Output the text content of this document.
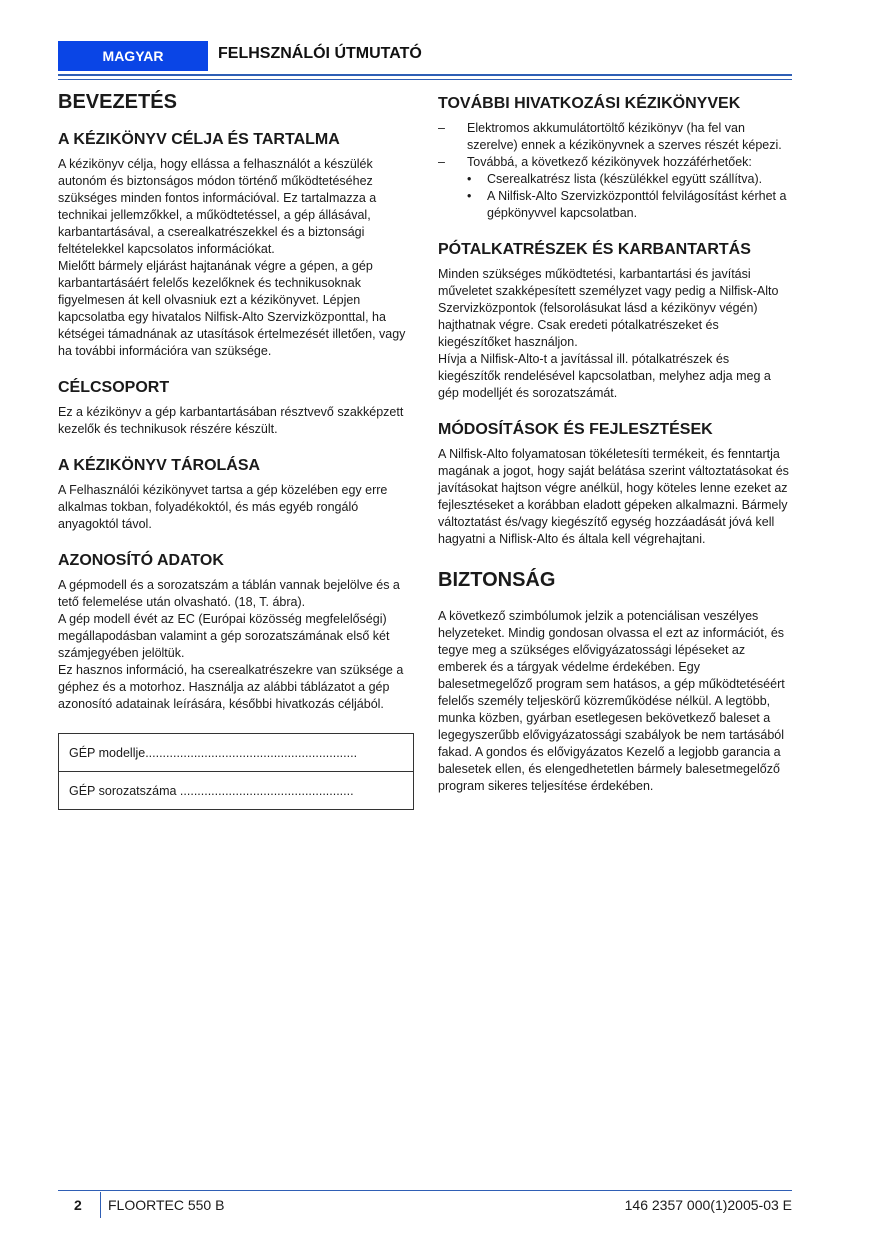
MAGYAR	FELHSZNÁLÓI ÚTMUTATÓ
BEVEZETÉS
A KÉZIKÖNYV CÉLJA ÉS TARTALMA

A kézikönyv célja, hogy ellássa a felhasználót a készülék autonóm és biztonságos módon történő működtetéséhez szükséges minden fontos információval. Ez tartalmazza a technikai jellemzőkkel, a működtetéssel, a gép állásával, karbantartásával, a cserealkatrészekkel és a biztonsági feltételekkel kapcsolatos információkat.

Mielőtt bármely eljárást hajtanának végre a gépen, a gép karbantartásáért felelős kezelőknek és technikusoknak figyelmesen át kell olvasniuk ezt a kézikönyvet. Lépjen kapcsolatba egy hivatalos Nilfisk-Alto Szervizközponttal, ha kétségei támadnának az utasítások értelmezését illetően, vagy ha további információra van szüksége.

CÉLCSOPORT

Ez a kézikönyv a gép karbantartásában résztvevő szakképzett kezelők és technikusok részére készült.

A KÉZIKÖNYV TÁROLÁSA

A Felhasználói kézikönyvet tartsa a gép közelében egy erre alkalmas tokban, folyadékoktól, és más egyéb rongáló anyagoktól távol.

AZONOSÍTÓ ADATOK

A gépmodell és a sorozatszám a táblán vannak bejelölve és a tető felemelése után olvasható. (18, T. ábra).

A gép modell évét az EC (Európai közösség megfelelőségi) megállapodásban valamint a gép sorozatszámának első két számjegyében jelöltük.

Ez hasznos információ, ha cserealkatrészekre van szüksége a géphez és a motorhoz. Használja az alábbi táblázatot a gép azonosító adatainak leírására, későbbi hivatkozás céljából.

GÉP modellje.............................................................
GÉP sorozatszáma ..................................................
TOVÁBBI HIVATKOZÁSI KÉZIKÖNYVEK
– Elektromos akkumulátortöltő kézikönyv (ha fel van szerelve) ennek a kézikönyvnek a szerves részét képezi.
– Továbbá, a következő kézikönyvek hozzáférhetőek:
• Cserealkatrész lista (készülékkel együtt szállítva).
• A Nilfisk-Alto Szervizközponttól felvilágosítást kérhet a gépkönyvvel kapcsolatban.
PÓTALKATRÉSZEK ÉS KARBANTARTÁS

Minden szükséges működtetési, karbantartási és javítási műveletet szakképesített személyzet vagy pedig a Nilfisk-Alto Szervizközpontok (felsorolásukat lásd a kézikönyv végén) hajthatnak végre. Csak eredeti pótalkatrészeket és kiegészítőket használjon.

Hívja a Nilfisk-Alto-t a javítással ill. pótalkatrészek és kiegészítők rendelésével kapcsolatban, melyhez adja meg a gép modelljét és sorozatszámát.

MÓDOSÍTÁSOK ÉS FEJLESZTÉSEK

A Nilfisk-Alto folyamatosan tökéletesíti termékeit, és fenntartja magának a jogot, hogy saját belátása szerint változtatásokat és javításokat hajtson végre anélkül, hogy köteles lenne ezeket az fejlesztéseket a korábban eladott gépeken alkalmazni. Bármely változtatást és/vagy kiegészítő egység hozzáadását jóvá kell hagyatni a Niflisk-Alto és általa kell végrehajtani.

BIZTONSÁG

A következő szimbólumok jelzik a potenciálisan veszélyes helyzeteket. Mindig gondosan olvassa el ezt az információt, és tegye meg a szükséges elővigyázatossági lépéseket az emberek és a tárgyak védelme érdekében. Egy balesetmegelőző program sem hatásos, a gép működtetéséért felelős személy teljeskörű közreműködése nélkül. A legtöbb, munka közben, gyárban esetlegesen bekövetkező baleset a legegyszerűbb elővigyázatossági szabályok be nem tartásából fakad. A gondos és elővigyázatos Kezelő a legjobb garancia a balesetek ellen, és elengedhetetlen bármely balesetmegelőző program sikeres teljesítése érdekében.

2 FLOORTEC 550 B	146 2357 000(1)2005-03 E
